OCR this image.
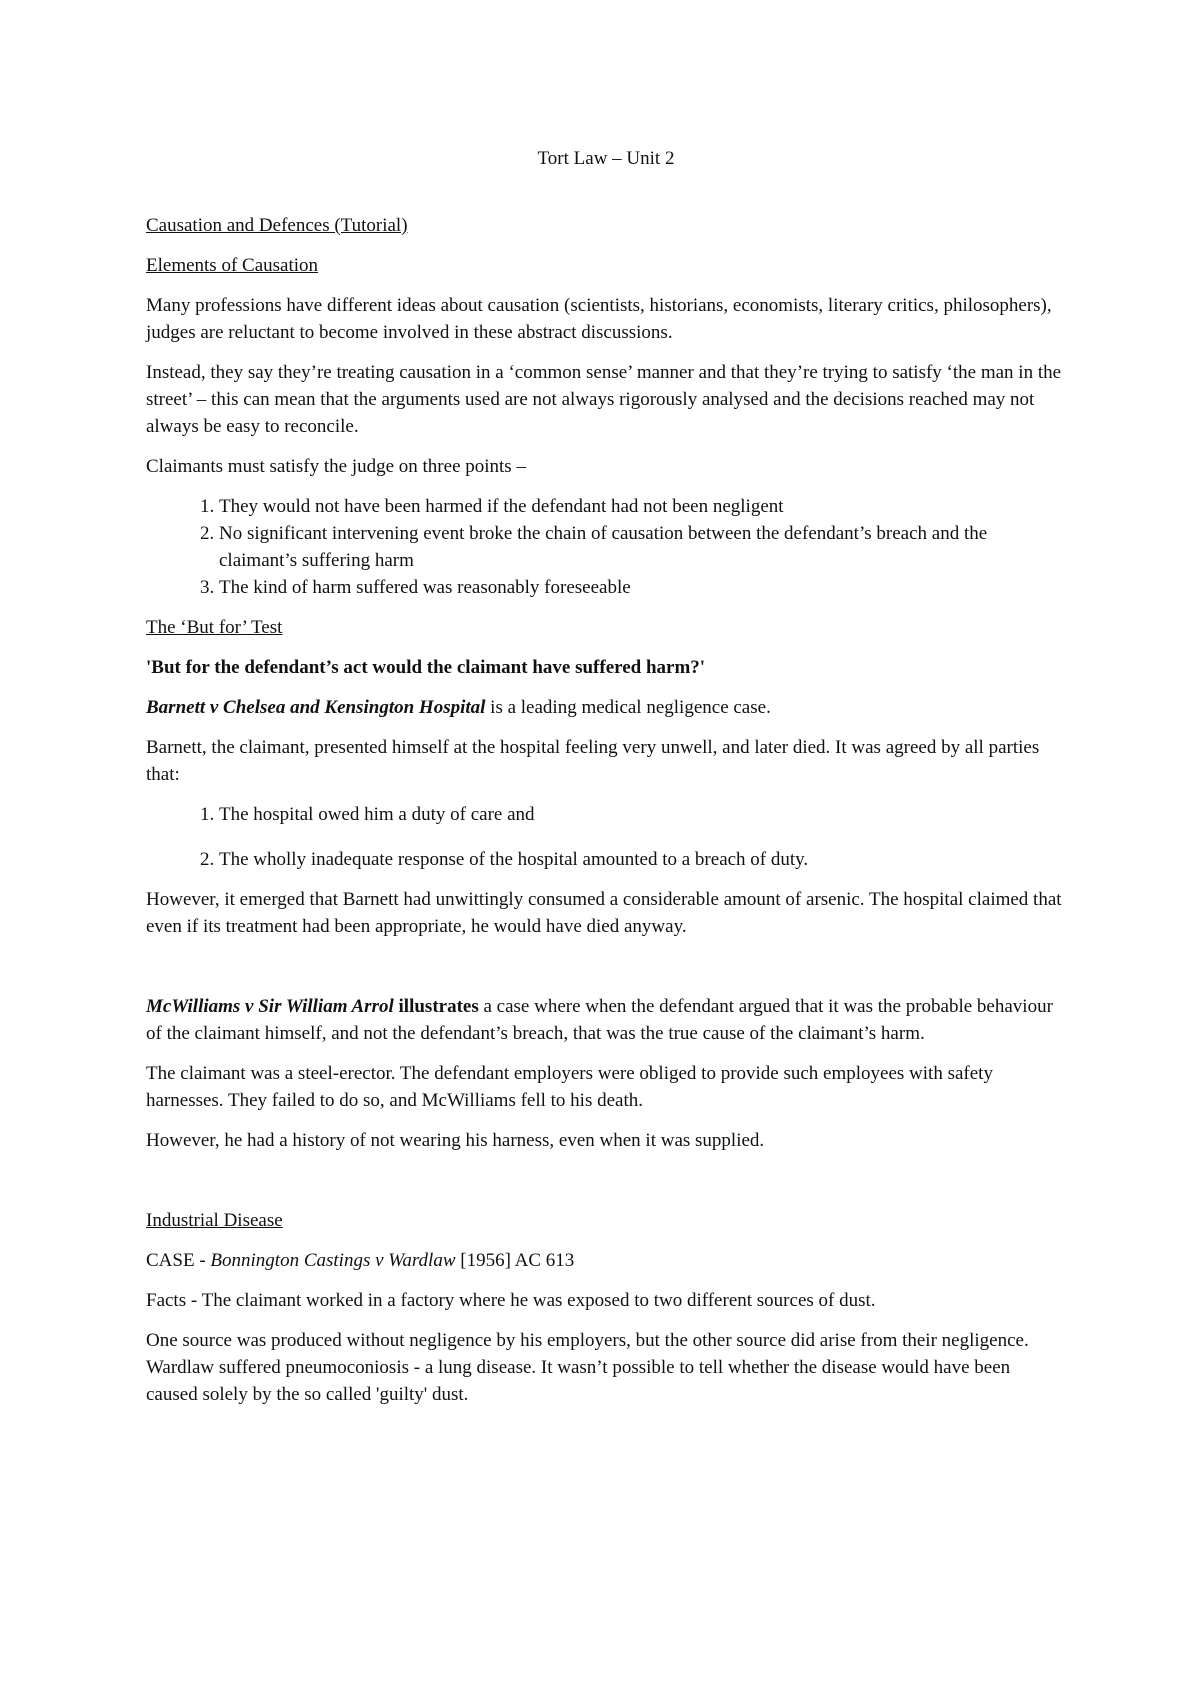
Tort Law – Unit 2

Causation and Defences (Tutorial)

Elements of Causation

Many professions have different ideas about causation (scientists, historians, economists, literary critics, philosophers), judges are reluctant to become involved in these abstract discussions.

Instead, they say they’re treating causation in a ‘common sense’ manner and that they’re trying to satisfy ‘the man in the street’ – this can mean that the arguments used are not always rigorously analysed and the decisions reached may not always be easy to reconcile.

Claimants must satisfy the judge on three points –

1. They would not have been harmed if the defendant had not been negligent
2. No significant intervening event broke the chain of causation between the defendant’s breach and the claimant’s suffering harm
3. The kind of harm suffered was reasonably foreseeable

The ‘But for’ Test

'But for the defendant’s act would the claimant have suffered harm?'

Barnett v Chelsea and Kensington Hospital is a leading medical negligence case.

Barnett, the claimant, presented himself at the hospital feeling very unwell, and later died. It was agreed by all parties that:

1. The hospital owed him a duty of care and
2. The wholly inadequate response of the hospital amounted to a breach of duty.

However, it emerged that Barnett had unwittingly consumed a considerable amount of arsenic. The hospital claimed that even if its treatment had been appropriate, he would have died anyway.

McWilliams v Sir William Arrol illustrates a case where when the defendant argued that it was the probable behaviour of the claimant himself, and not the defendant’s breach, that was the true cause of the claimant’s harm.

The claimant was a steel-erector. The defendant employers were obliged to provide such employees with safety harnesses. They failed to do so, and McWilliams fell to his death.

However, he had a history of not wearing his harness, even when it was supplied.

Industrial Disease

CASE - Bonnington Castings v Wardlaw [1956] AC 613

Facts - The claimant worked in a factory where he was exposed to two different sources of dust.

One source was produced without negligence by his employers, but the other source did arise from their negligence. Wardlaw suffered pneumoconiosis - a lung disease. It wasn’t possible to tell whether the disease would have been caused solely by the so called 'guilty' dust.
